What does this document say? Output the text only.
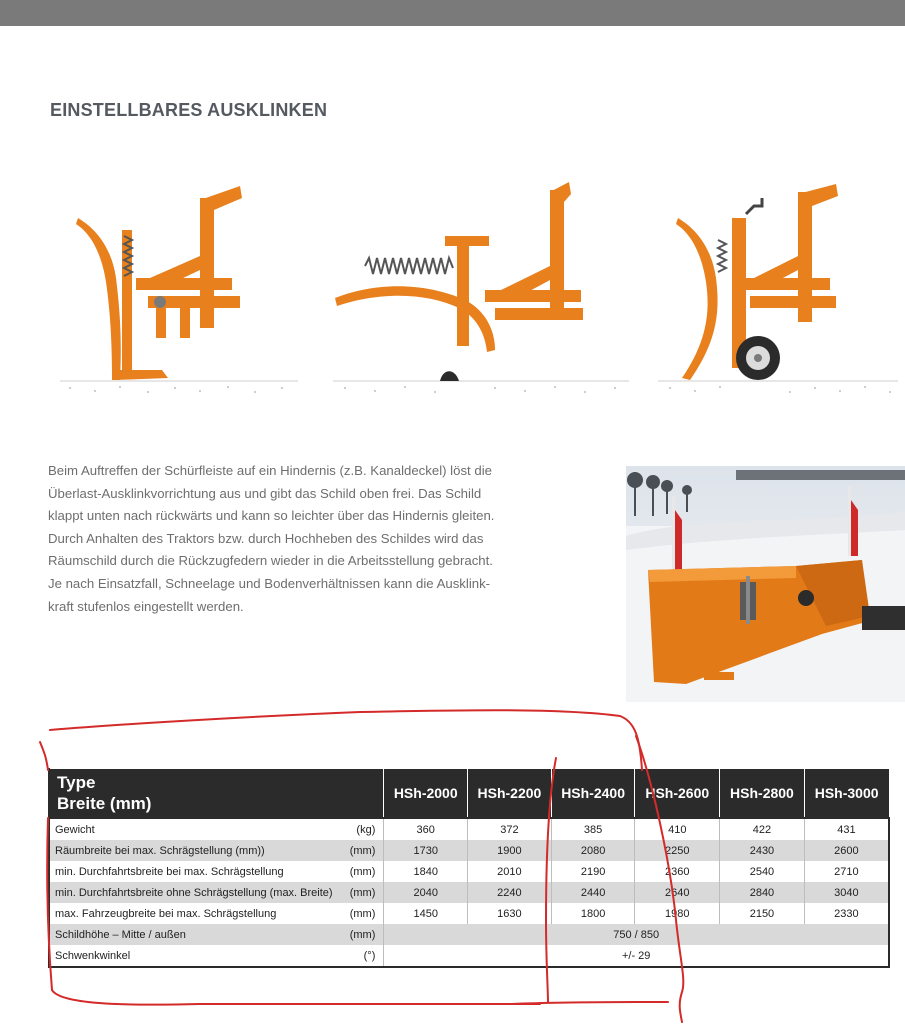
EINSTELLBARES AUSKLINKEN

Beim Auftreffen der Schürfleiste auf ein Hindernis (z.B. Kanaldeckel) löst die

Überlast-Ausklinkvorrichtung aus und gibt das Schild oben frei. Das Schild

klappt unten nach rückwärts und kann so leichter über das Hindernis gleiten.

Durch Anhalten des Traktors bzw. durch Hochheben des Schildes wird das

Räumschild durch die Rückzugfedern wieder in die Arbeitsstellung gebracht.

Je nach Einsatzfall, Schneelage und Bodenverhältnissen kann die Ausklink-

kraft stufenlos eingestellt werden.

Type
Breite (mm)		HSh-2000	HSh-2200	HSh-2400	HSh-2600	HSh-2800	HSh-3000
Gewicht	(kg)	360	372	385	410	422	431
Räumbreite bei max. Schrägstellung (mm))	(mm)	1730	1900	2080	2250	2430	2600
min. Durchfahrtsbreite bei max. Schrägstellung	(mm)	1840	2010	2190	2360	2540	2710
min. Durchfahrtsbreite ohne Schrägstellung (max. Breite)	(mm)	2040	2240	2440	2640	2840	3040
max. Fahrzeugbreite bei max. Schrägstellung	(mm)	1450	1630	1800	1980	2150	2330
Schildhöhe – Mitte / außen	(mm)	750 / 850					
Schwenkwinkel	(°)	+/- 29					
